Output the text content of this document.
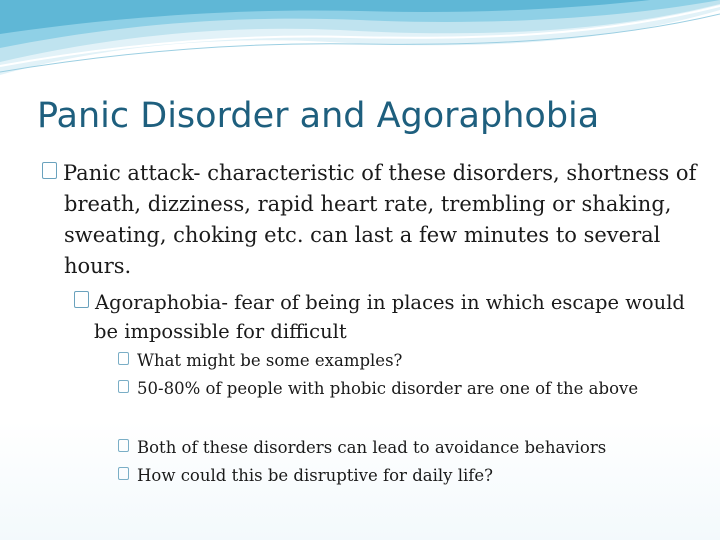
Panic Disorder and Agoraphobia
Panic attack- characteristic of these disorders, shortness of breath, dizziness, rapid heart rate, trembling or shaking, sweating, choking etc. can last a few minutes to several hours.
Agoraphobia- fear of being in places in which escape would be impossible for difficult
What might be some examples?
50-80% of people with phobic disorder are one of the above
Both of these disorders can lead to avoidance behaviors
How could this be disruptive for daily life?
